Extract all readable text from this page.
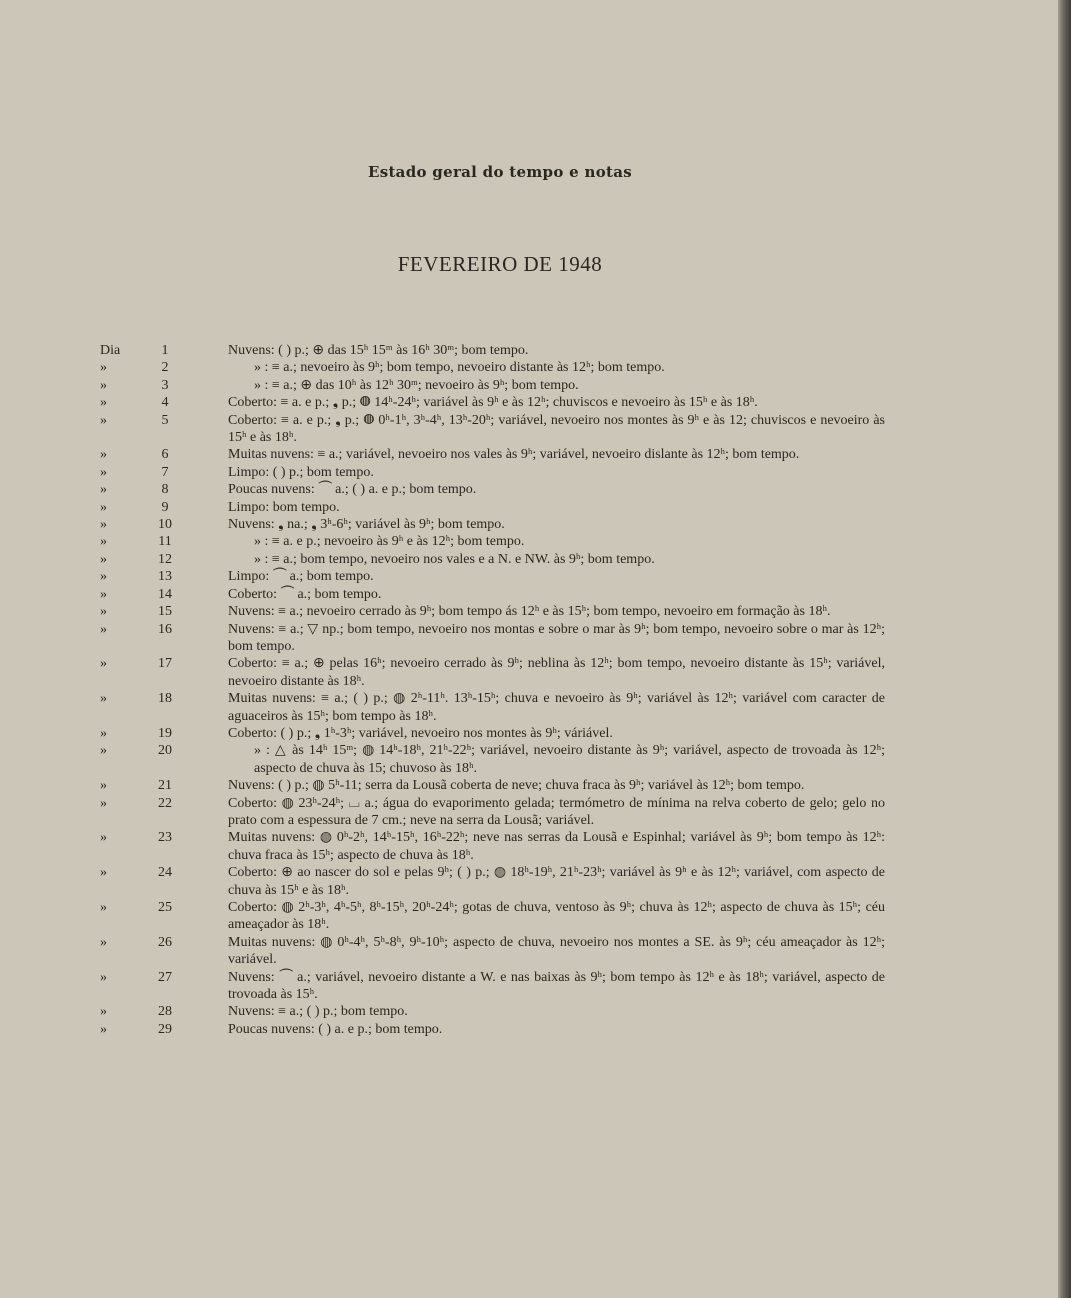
Estado geral do tempo e notas
FEVEREIRO DE 1948
Dia	1	Nuvens: ( ) p.; ⊕ das 15ʰ 15ᵐ às 16ʰ 30ᵐ; bom tempo.
»	2	» : ≡ a.; nevoeiro às 9ʰ; bom tempo, nevoeiro distante às 12ʰ; bom tempo.
»	3	» : ≡ a.; ⊕ das 10ʰ às 12ʰ 30ᵐ; nevoeiro às 9ʰ; bom tempo.
»	4	Coberto: ≡ a. e p.; ❟ p.; ◍ 14ʰ-24ʰ; variável às 9ʰ e às 12ʰ; chuviscos e nevoeiro às 15ʰ e às 18ʰ.
»	5	Coberto: ≡ a. e p.; ❟ p.; ◍ 0ʰ-1ʰ, 3ʰ-4ʰ, 13ʰ-20ʰ; variável, nevoeiro nos montes às 9ʰ e às 12; chuviscos e nevoeiro às 15ʰ e às 18ʰ.
»	6	Muitas nuvens: ≡ a.; variável, nevoeiro nos vales às 9ʰ; variável, nevoeiro dislante às 12ʰ; bom tempo.
»	7	Limpo: ( ) p.; bom tempo.
»	8	Poucas nuvens: ⏜ a.; ( ) a. e p.; bom tempo.
»	9	Limpo: bom tempo.
»	10	Nuvens: ❟ na.; ❟ 3ʰ-6ʰ; variável às 9ʰ; bom tempo.
»	11	» : ≡ a. e p.; nevoeiro às 9ʰ e às 12ʰ; bom tempo.
»	12	» : ≡ a.; bom tempo, nevoeiro nos vales e a N. e NW. às 9ʰ; bom tempo.
»	13	Limpo: ⏜ a.; bom tempo.
»	14	Coberto: ⏜ a.; bom tempo.
»	15	Nuvens: ≡ a.; nevoeiro cerrado às 9ʰ; bom tempo ás 12ʰ e às 15ʰ; bom tempo, nevoeiro em formação às 18ʰ.
»	16	Nuvens: ≡ a.; ▽ np.; bom tempo, nevoeiro nos montas e sobre o mar às 9ʰ; bom tempo, nevoeiro sobre o mar às 12ʰ; bom tempo.
»	17	Coberto: ≡ a.; ⊕ pelas 16ʰ; nevoeiro cerrado às 9ʰ; neblina às 12ʰ; bom tempo, nevoeiro distante às 15ʰ; variável, nevoeiro distante às 18ʰ.
»	18	Muitas nuvens: ≡ a.; ( ) p.; ◍ 2ʰ-11ʰ. 13ʰ-15ʰ; chuva e nevoeiro às 9ʰ; variável às 12ʰ; variável com caracter de aguaceiros às 15ʰ; bom tempo às 18ʰ.
»	19	Coberto: ( ) p.; ❟ 1ʰ-3ʰ; variável, nevoeiro nos montes às 9ʰ; váriável.
»	20	» : △ às 14ʰ 15ᵐ; ◍ 14ʰ-18ʰ, 21ʰ-22ʰ; variável, nevoeiro distante às 9ʰ; variável, aspecto de trovoada às 12ʰ; aspecto de chuva às 15; chuvoso às 18ʰ.
»	21	Nuvens: ( ) p.; ◍ 5ʰ-11; serra da Lousã coberta de neve; chuva fraca às 9ʰ; variável às 12ʰ; bom tempo.
»	22	Coberto: ◍ 23ʰ-24ʰ; ⌴ a.; água do evaporimento gelada; termómetro de mínima na relva coberto de gelo; gelo no prato com a espessura de 7 cm.; neve na serra da Lousã; variável.
»	23	Muitas nuvens: ◍ 0ʰ-2ʰ, 14ʰ-15ʰ, 16ʰ-22ʰ; neve nas serras da Lousã e Espinhal; variável às 9ʰ; bom tempo às 12ʰ: chuva fraca às 15ʰ; aspecto de chuva às 18ʰ.
»	24	Coberto: ⊕ ao nascer do sol e pelas 9ʰ; ( ) p.; ◍ 18ʰ-19ʰ, 21ʰ-23ʰ; variável às 9ʰ e às 12ʰ; variável, com aspecto de chuva às 15ʰ e às 18ʰ.
»	25	Coberto: ◍ 2ʰ-3ʰ, 4ʰ-5ʰ, 8ʰ-15ʰ, 20ʰ-24ʰ; gotas de chuva, ventoso às 9ʰ; chuva às 12ʰ; aspecto de chuva às 15ʰ; céu ameaçador às 18ʰ.
»	26	Muitas nuvens: ◍ 0ʰ-4ʰ, 5ʰ-8ʰ, 9ʰ-10ʰ; aspecto de chuva, nevoeiro nos montes a SE. às 9ʰ; céu ameaçador às 12ʰ; variável.
»	27	Nuvens: ⏜ a.; variável, nevoeiro distante a W. e nas baixas às 9ʰ; bom tempo às 12ʰ e às 18ʰ; variável, aspecto de trovoada às 15ʰ.
»	28	Nuvens: ≡ a.; ( ) p.; bom tempo.
»	29	Poucas nuvens: ( ) a. e p.; bom tempo.
